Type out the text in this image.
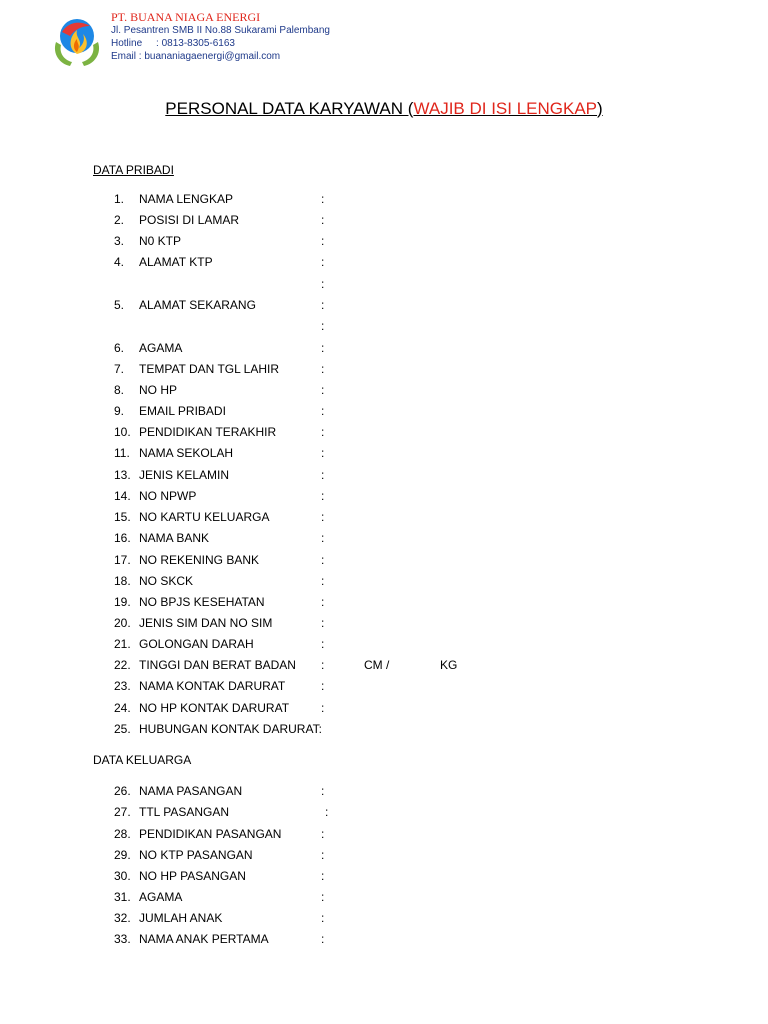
PT. BUANA NIAGA ENERGI
Jl. Pesantren SMB II No.88 Sukarami Palembang
Hotline     : 0813-8305-6163
Email : buananiagaenergi@gmail.com
PERSONAL DATA KARYAWAN (WAJIB DI ISI LENGKAP)
DATA PRIBADI
1.	NAMA LENGKAP	:
2.	POSISI DI LAMAR	:
3.	N0 KTP	:
4.	ALAMAT KTP	:
:
5.	ALAMAT SEKARANG	:
:
6.	AGAMA	:
7.	TEMPAT DAN TGL LAHIR	:
8.	NO HP	:
9.	EMAIL PRIBADI	:
10. PENDIDIKAN TERAKHIR	:
11. NAMA SEKOLAH	:
13. JENIS KELAMIN	:
14. NO NPWP	:
15. NO KARTU KELUARGA	:
16. NAMA BANK	:
17. NO REKENING BANK	:
18. NO SKCK	:
19. NO BPJS KESEHATAN	:
20. JENIS SIM DAN NO SIM	:
21. GOLONGAN DARAH	:
22. TINGGI DAN BERAT BADAN :	CM /	KG
23. NAMA KONTAK DARURAT	:
24. NO HP KONTAK DARURAT	:
25. HUBUNGAN KONTAK DARURAT:
DATA KELUARGA
26. NAMA PASANGAN	:
27. TTL PASANGAN	:
28. PENDIDIKAN PASANGAN	:
29. NO KTP PASANGAN	:
30. NO HP PASANGAN	:
31. AGAMA	:
32. JUMLAH ANAK	:
33. NAMA ANAK PERTAMA	:
